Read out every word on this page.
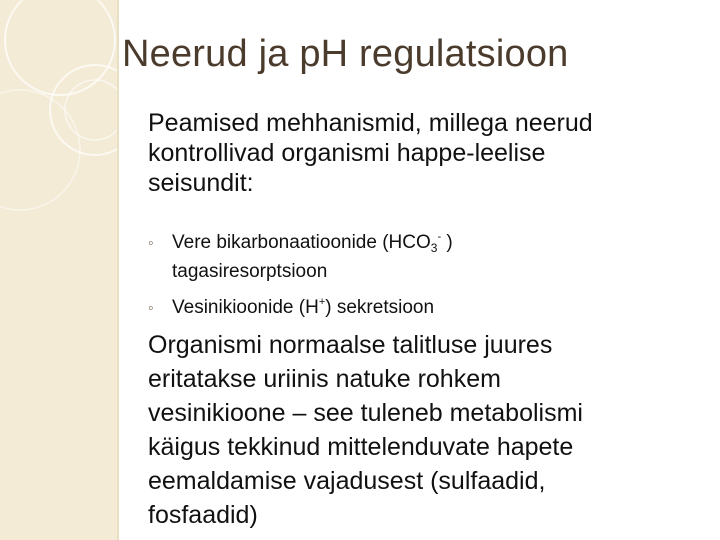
Neerud ja pH regulatsioon
Peamised mehhanismid, millega neerud
kontrollivad organismi happe-leelise
seisundit:
◦ Vere bikarbonaatioonide ($HCO_3^-$ )
tagasiresorptsioon
◦ Vesinikioonide (H+) sekretsioon
Organismi normaalse talitluse juures
eritatakse uriinis natuke rohkem
vesinikioone – see tuleneb metabolismi
käigus tekkinud mittelenduvate hapete
eemaldamise vajadusest (sulfaadid,
fosfaadid)
